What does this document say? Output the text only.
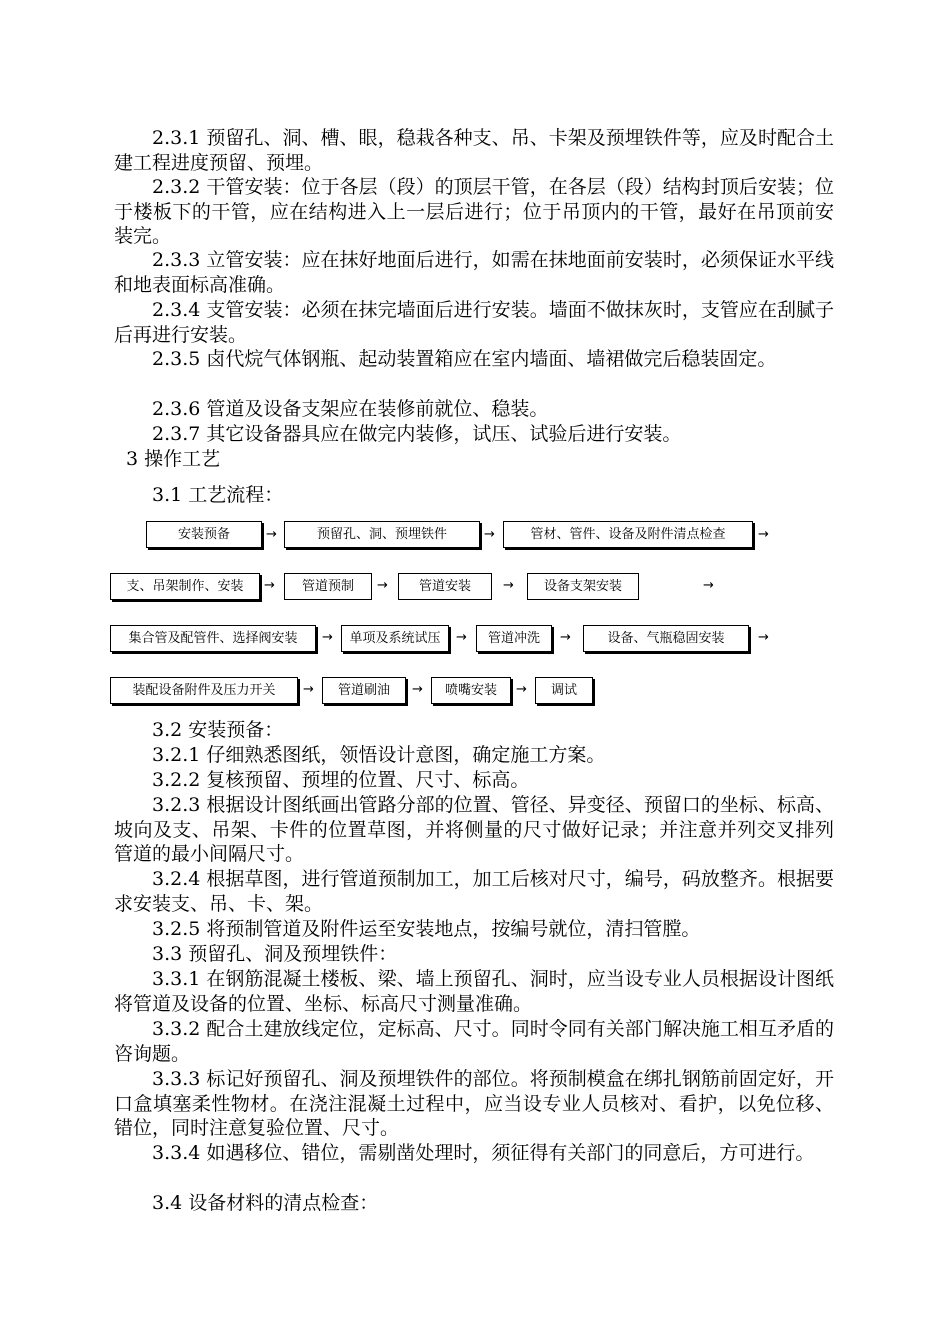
2.3.1 预留孔、洞、槽、眼，稳栽各种支、吊、卡架及预埋铁件等，应及时配合土建工程进度预留、预埋。
2.3.2 干管安装：位于各层（段）的顶层干管，在各层（段）结构封顶后安装；位于楼板下的干管，应在结构进入上一层后进行；位于吊顶内的干管，最好在吊顶前安装完。
2.3.3 立管安装：应在抹好地面后进行，如需在抹地面前安装时，必须保证水平线和地表面标高准确。
2.3.4 支管安装：必须在抹完墙面后进行安装。墙面不做抹灰时，支管应在刮腻子后再进行安装。
2.3.5 卤代烷气体钢瓶、起动装置箱应在室内墙面、墙裙做完后稳装固定。
2.3.6 管道及设备支架应在装修前就位、稳装。
2.3.7 其它设备器具应在做完内装修，试压、试验后进行安装。
3 操作工艺
3.1 工艺流程：
安装预备	→	预留孔、洞、预埋铁件	→	管材、管件、设备及附件清点检查	→
支、吊架制作、安装	→	管道预制	→	管道安装	→	设备支架安装	→
集合管及配管件、选择阀安装	→	单项及系统试压	→	管道冲洗	→	设备、气瓶稳固安装	→
装配设备附件及压力开关	→	管道刷油	→	喷嘴安装	→	调试
3.2 安装预备：
3.2.1 仔细熟悉图纸，领悟设计意图，确定施工方案。
3.2.2 复核预留、预埋的位置、尺寸、标高。
3.2.3 根据设计图纸画出管路分部的位置、管径、异变径、预留口的坐标、标高、坡向及支、吊架、卡件的位置草图，并将侧量的尺寸做好记录；并注意并列交叉排列管道的最小间隔尺寸。
3.2.4 根据草图，进行管道预制加工，加工后核对尺寸，编号，码放整齐。根据要求安装支、吊、卡、架。
3.2.5 将预制管道及附件运至安装地点，按编号就位，清扫管膛。
3.3 预留孔、洞及预埋铁件：
3.3.1 在钢筋混凝土楼板、梁、墙上预留孔、洞时，应当设专业人员根据设计图纸将管道及设备的位置、坐标、标高尺寸测量准确。
3.3.2 配合土建放线定位，定标高、尺寸。同时令同有关部门解决施工相互矛盾的咨询题。
3.3.3 标记好预留孔、洞及预埋铁件的部位。将预制模盒在绑扎钢筋前固定好，开口盒填塞柔性物材。在浇注混凝土过程中，应当设专业人员核对、看护，以免位移、错位，同时注意复验位置、尺寸。
3.3.4 如遇移位、错位，需剔凿处理时，须征得有关部门的同意后，方可进行。
3.4 设备材料的清点检查：
